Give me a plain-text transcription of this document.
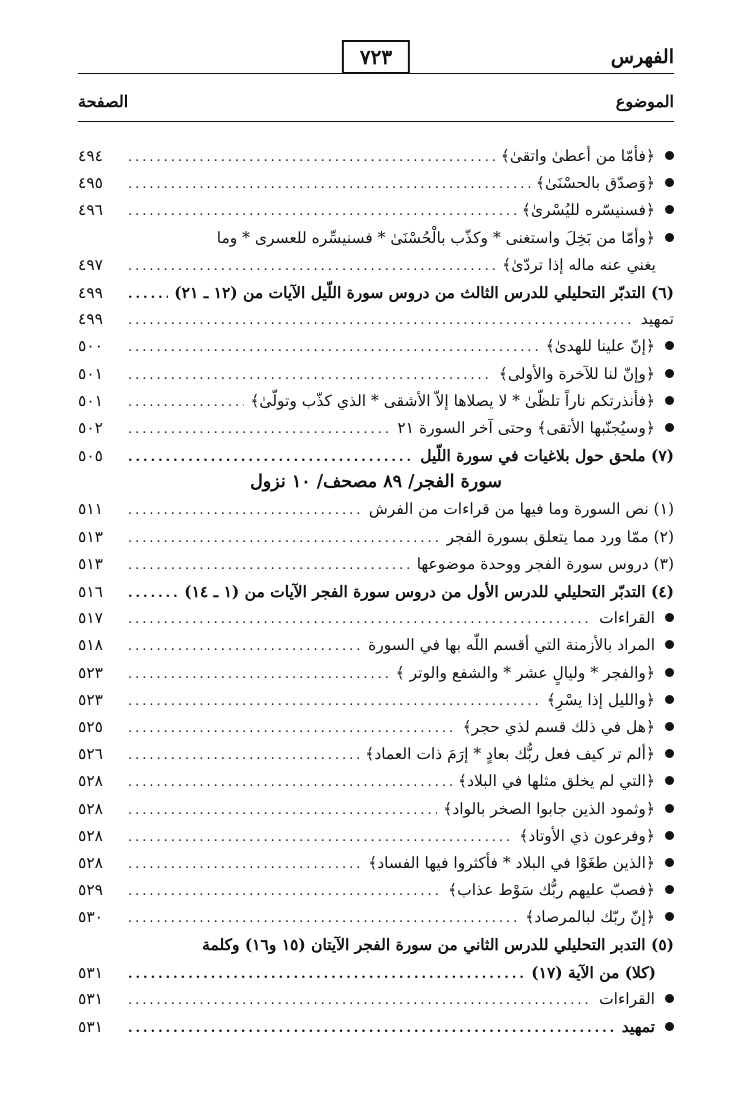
الفهرس
٧٢٣
الموضوع
الصفحة
﴿فأمّا من أعطىٰ واتقىٰ﴾
.....
٤٩٤
﴿وَصدّق بالحسْنَىٰ﴾
.....
٤٩٥
﴿فسنيسّره لليُسْرىٰ﴾
.....
٤٩٦
﴿وأمّا من بَخِلَ واستغنى * وكذّب بالْحُسْنَىٰ * فسنيسِّره للعسرى * وما
يغني عنه ماله إذا تردّىٰ﴾
.....
٤٩٧
(٦) التدبّر التحليلي للدرس الثالث من دروس سورة اللّيل الآيات من (١٢ ـ ٢١)
.....
٤٩٩
تمهيد
.....
٤٩٩
﴿إنّ علينا للهدىٰ﴾
.....
٥٠٠
﴿وإنّ لنا للآخرة والأولى﴾
.....
٥٠١
﴿فأنذرتكم ناراً تلظّىٰ * لا يصلاها إلاّ الأشقى * الذي كذّب وتولّىٰ﴾
.....
٥٠١
﴿وسيُجنّبها الأتقى﴾ وحتى آخر السورة ٢١
.....
٥٠٢
(٧) ملحق حول بلاغيات في سورة اللّيل
.....
٥٠٥
سورة الفجر/ ٨٩ مصحف/ ١٠ نزول
(١) نص السورة وما فيها من قراءات من الفرش
.....
٥١١
(٢) ممّا ورد مما يتعلق بسورة الفجر
.....
٥١٣
(٣) دروس سورة الفجر ووحدة موضوعها
.....
٥١٣
(٤) التدبّر التحليلي للدرس الأول من دروس سورة الفجر الآيات من (١ ـ ١٤)
.....
٥١٦
القراءات
.....
٥١٧
المراد بالأزمنة التي أقسم اللّه بها في السورة
.....
٥١٨
﴿والفجر * وليالٍ عشر * والشفع والوتر ﴾
.....
٥٢٣
﴿والليل إذا يسْرِ﴾
.....
٥٢٣
﴿هل في ذلك قسم لذي حجر﴾
.....
٥٢٥
﴿ألم تر كيف فعل ربُّك بعادٍ * إرَمَ ذات العماد﴾
.....
٥٢٦
﴿التي لم يخلق مثلها في البلاد﴾
.....
٥٢٨
﴿وثمود الذين جابوا الصخر بالواد﴾
.....
٥٢٨
﴿وفرعون ذي الأوتاد﴾
.....
٥٢٨
﴿الذين طغَوْا في البلاد * فأكثروا فيها الفساد﴾
.....
٥٢٨
﴿فصبّ عليهم ربُّك سَوْط عذاب﴾
.....
٥٢٩
﴿إنّ ربّك لبالمرصاد﴾
.....
٥٣٠
(٥) التدبر التحليلي للدرس الثاني من سورة الفجر الآيتان (١٥ و١٦) وكلمة
(كلا) من الآية (١٧)
.....
٥٣١
القراءات
.....
٥٣١
تمهيد
.....
٥٣١
